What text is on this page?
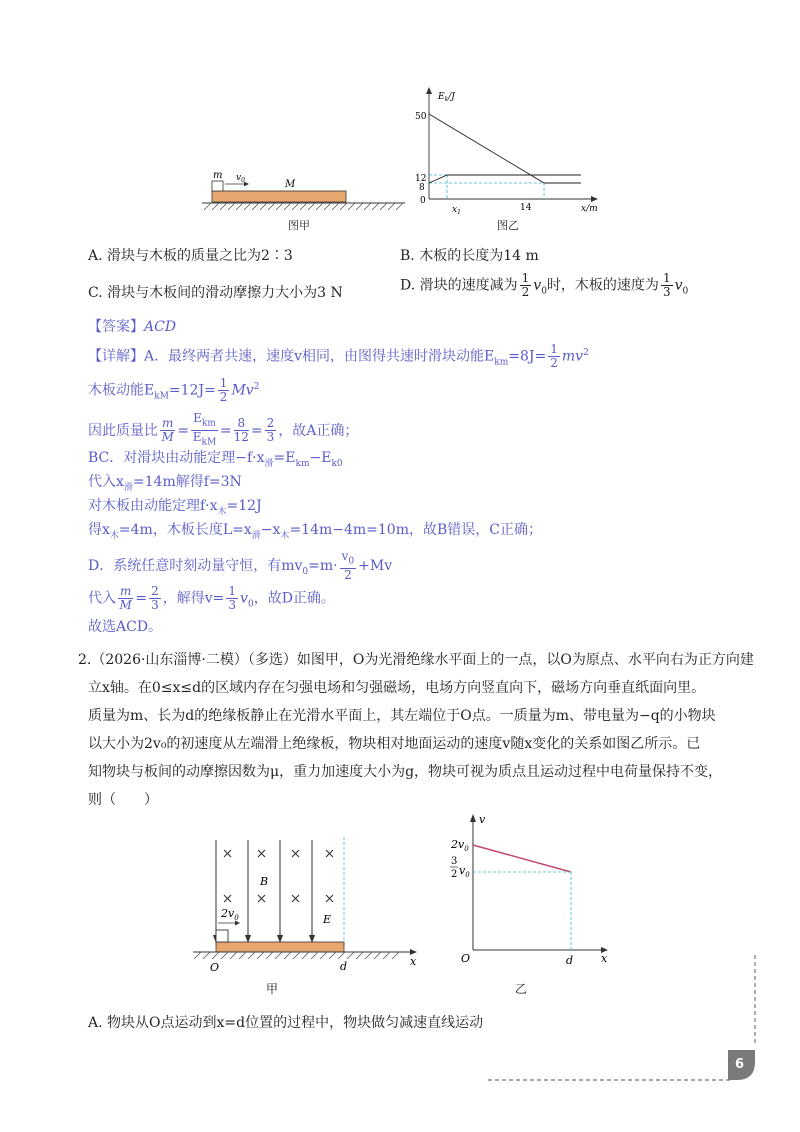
m $v_0$	M
图甲
$E_k/J$
x/m
0
50
12
8
$x_1$	14
图乙
A. 滑块与木板的质量之比为2∶3	B. 木板的长度为14 m
C. 滑块与木板间的滑动摩擦力大小为3 N	D. 滑块的速度减为 $\frac{1}{2} v_0$时，木板的速度为 $\frac{1}{3} v_0$
【答案】ACD
【详解】A．最终两者共速，速度v相同，由图得共速时滑块动能$E_{km}=8J= \frac{1}{2} mv^2$
木板动能$E_{kM}=12J= \frac{1}{2} Mv^2$
因此质量比 $\frac{m}{M} = \frac{E_{km}}{E_{kM}} = \frac{8}{12} = \frac{2}{3}$ ，故A正确；
BC．对滑块由动能定理$-f\cdot x_滑=E_{km}-E_{k0}$
代入$x_滑=14m$解得f=3N
对木板由动能定理$f\cdot x_木=12J$
得$x_木=4m$，木板长度$L=x_滑-x_木=14m-4m=10m$，故B错误，C正确；
D．系统任意时刻动量守恒，有$mv_0=m\cdot \frac{v_0}{2} +Mv$
代入 $\frac{m}{M} = \frac{2}{3}$ ，解得$v= \frac{1}{3} v_0$，故D正确。
故选ACD。
2.（2026·山东淄博·二模）（多选）如图甲，O为光滑绝缘水平面上的一点，以O为原点、水平向右为正方向建
立x轴。在0≤x≤d的区域内存在匀强电场和匀强磁场，电场方向竖直向下，磁场方向垂直纸面向里。
质量为m、长为d的绝缘板静止在光滑水平面上，其左端位于O点。一质量为m、带电量为−q的小物块
以大小为2v₀的初速度从左端滑上绝缘板，物块相对地面运动的速度v随x变化的关系如图乙所示。已
知物块与板间的动摩擦因数为μ，重力加速度大小为g，物块可视为质点且运动过程中电荷量保持不变，
则（　　）
B
E
$2v_0$
O	d	x
甲
v
$2v_0$
3
2 $v_0$
O	d	x
乙
A. 物块从O点运动到x=d位置的过程中，物块做匀减速直线运动
6
